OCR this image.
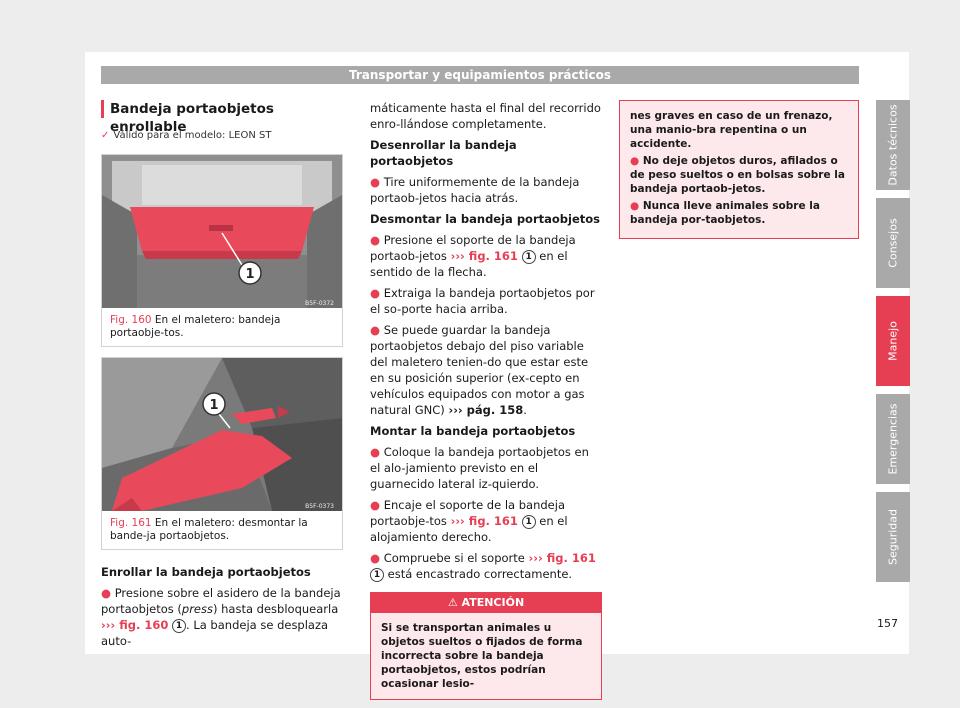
Transportar y equipamientos prácticos
Bandeja portaobjetos enrollable
✓ Válido para el modelo: LEON ST
1
B5F-0372
Fig. 160 En el maletero: bandeja portaobje-tos.
1
B5F-0373
Fig. 161 En el maletero: desmontar la bande-ja portaobjetos.

Enrollar la bandeja portaobjetos

● Presione sobre el asidero de la bandeja portaobjetos (press) hasta desbloquearla ››› fig. 160 1 . La bandeja se desplaza auto-

máticamente hasta el final del recorrido enro-llándose completamente.

Desenrollar la bandeja portaobjetos

● Tire uniformemente de la bandeja portaob-jetos hacia atrás.

Desmontar la bandeja portaobjetos

● Presione el soporte de la bandeja portaob-jetos ››› fig. 161 1 en el sentido de la flecha.

● Extraiga la bandeja portaobjetos por el so-porte hacia arriba.

● Se puede guardar la bandeja portaobjetos debajo del piso variable del maletero tenien-do que estar este en su posición superior (ex-cepto en vehículos equipados con motor a gas natural GNC) ››› pág. 158.

Montar la bandeja portaobjetos

● Coloque la bandeja portaobjetos en el alo-jamiento previsto en el guarnecido lateral iz-quierdo.

● Encaje el soporte de la bandeja portaobje-tos ››› fig. 161 1 en el alojamiento derecho.

● Compruebe si el soporte ››› fig. 161 1 está encastrado correctamente.

⚠ ATENCIÓN
Si se transportan animales u objetos sueltos o fijados de forma incorrecta sobre la bandeja portaobjetos, estos podrían ocasionar lesio-

nes graves en caso de un frenazo, una manio-bra repentina o un accidente.

● No deje objetos duros, afilados o de peso sueltos o en bolsas sobre la bandeja portaob-jetos.

● Nunca lleve animales sobre la bandeja por-taobjetos.

Datos técnicos
Consejos
Manejo
Emergencias
Seguridad
157
